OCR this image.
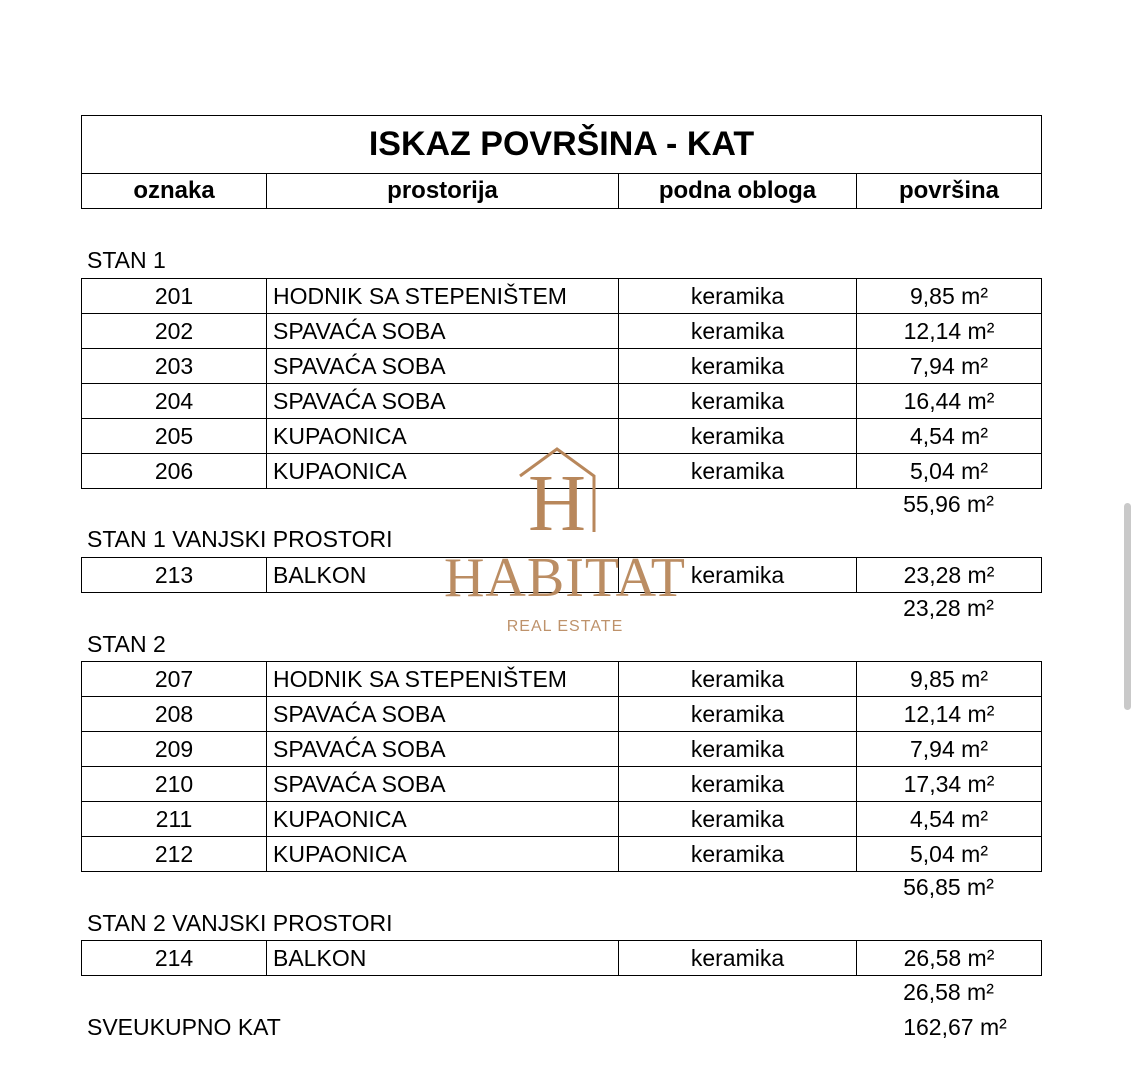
ISKAZ POVRŠINA - KAT
oznaka	prostorija	podna obloga	površina
STAN 1
201	HODNIK SA STEPENIŠTEM	keramika	9,85 m²
202	SPAVAĆA SOBA	keramika	12,14 m²
203	SPAVAĆA SOBA	keramika	7,94 m²
204	SPAVAĆA SOBA	keramika	16,44 m²
205	KUPAONICA	keramika	4,54 m²
206	KUPAONICA	keramika	5,04 m²
55,96 m²
STAN 1 VANJSKI PROSTORI
213	BALKON	keramika	23,28 m²
23,28 m²
STAN 2
207	HODNIK SA STEPENIŠTEM	keramika	9,85 m²
208	SPAVAĆA SOBA	keramika	12,14 m²
209	SPAVAĆA SOBA	keramika	7,94 m²
210	SPAVAĆA SOBA	keramika	17,34 m²
211	KUPAONICA	keramika	4,54 m²
212	KUPAONICA	keramika	5,04 m²
56,85 m²
STAN 2 VANJSKI PROSTORI
214	BALKON	keramika	26,58 m²
26,58 m²
SVEUKUPNO KAT	162,67 m²
H
HABITAT
REAL ESTATE
